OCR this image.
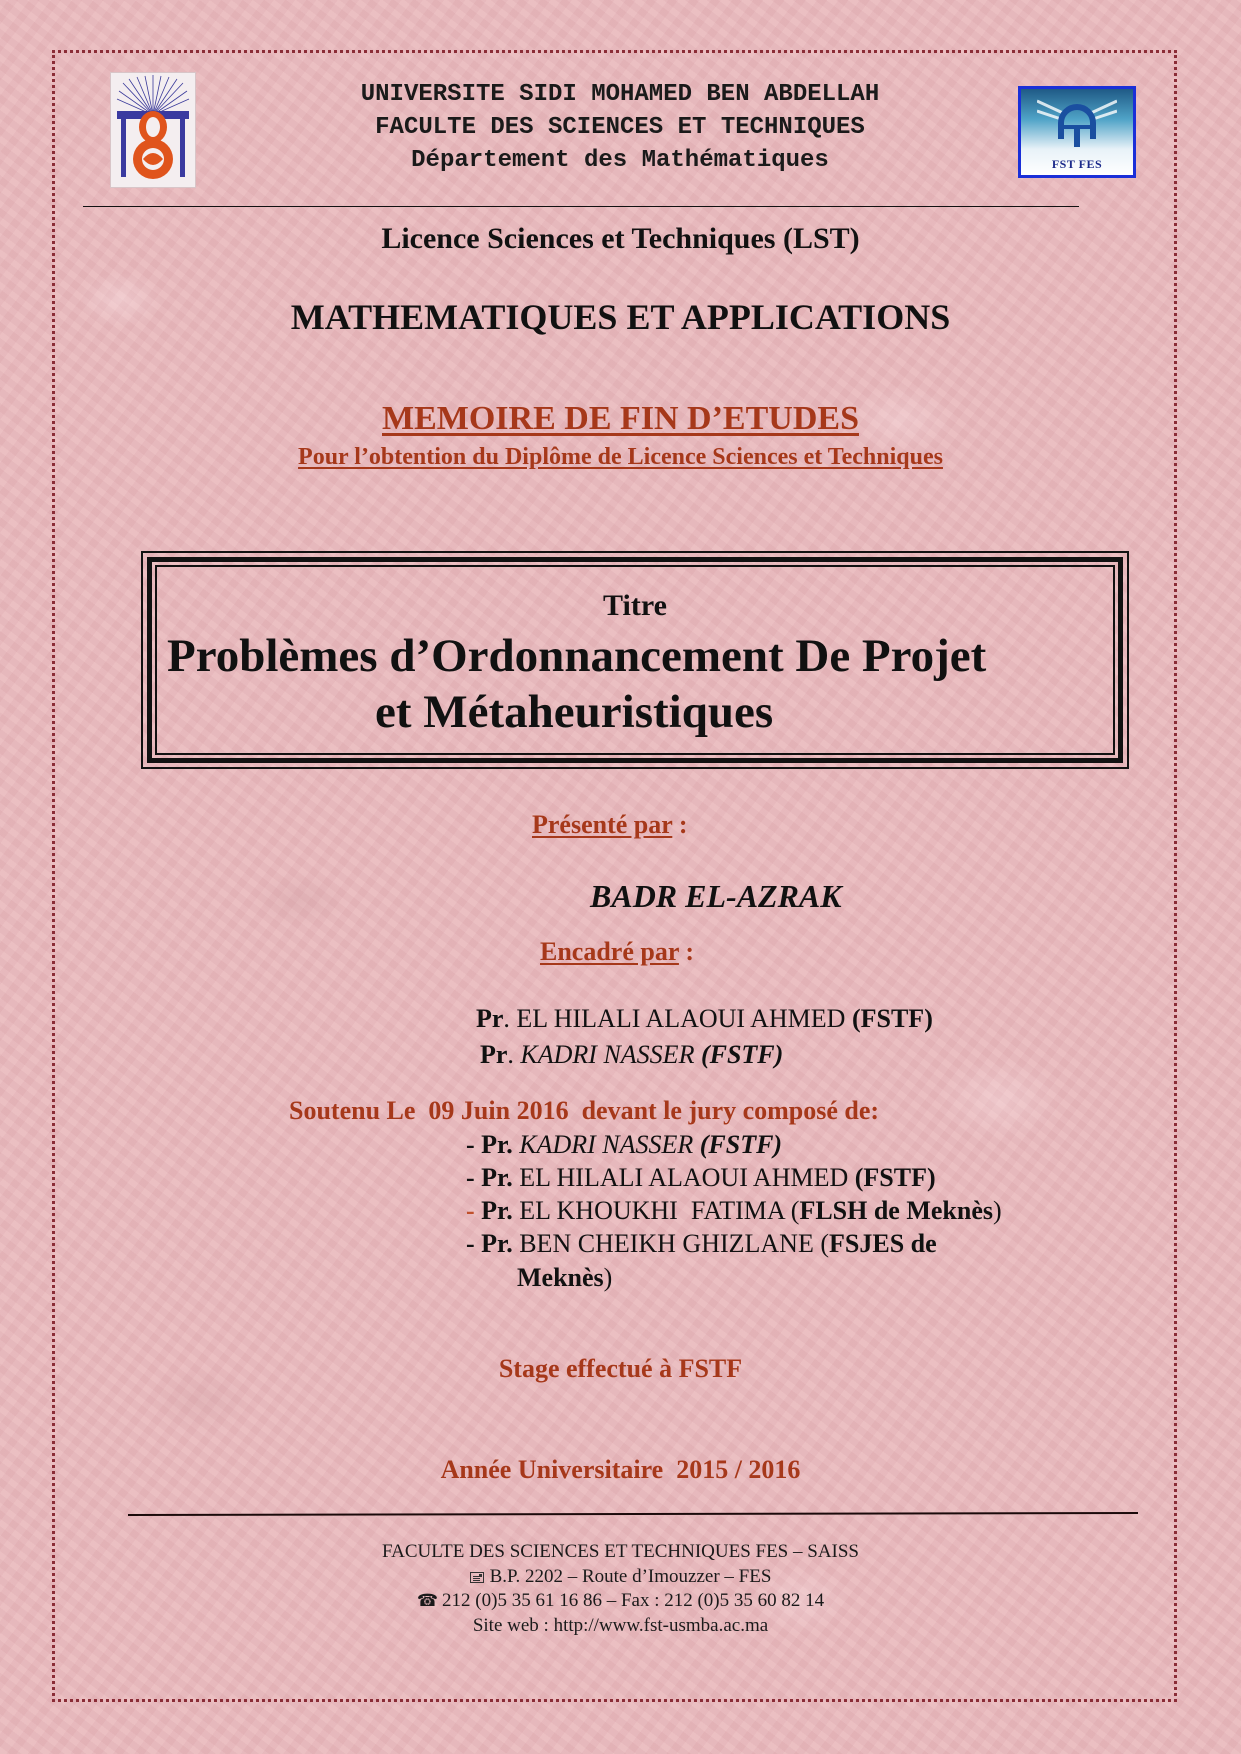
UNIVERSITE SIDI MOHAMED BEN ABDELLAH
FACULTE DES SCIENCES ET TECHNIQUES
Département des Mathématiques	FST FES
Licence Sciences et Techniques (LST)
MATHEMATIQUES ET APPLICATIONS
MEMOIRE DE FIN D’ETUDES
Pour l’obtention du Diplôme de Licence Sciences et Techniques
Titre
Problèmes d’Ordonnancement De Projet
et Métaheuristiques
Présenté par :
BADR EL-AZRAK
Encadré par :
Pr. EL HILALI ALAOUI AHMED (FSTF)
Pr. KADRI NASSER (FSTF)
Soutenu Le  09 Juin 2016  devant le jury composé de:
- Pr. KADRI NASSER (FSTF)
- Pr. EL HILALI ALAOUI AHMED (FSTF)
- Pr. EL KHOUKHI  FATIMA (FLSH de Meknès)
- Pr. BEN CHEIKH GHIZLANE (FSJES de
Meknès)
Stage effectué à FSTF
Année Universitaire  2015 / 2016
FACULTE DES SCIENCES ET TECHNIQUES FES – SAISS
B.P. 2202 – Route d’Imouzzer – FES
☎ 212 (0)5 35 61 16 86 – Fax : 212 (0)5 35 60 82 14
Site web : http://www.fst-usmba.ac.ma
